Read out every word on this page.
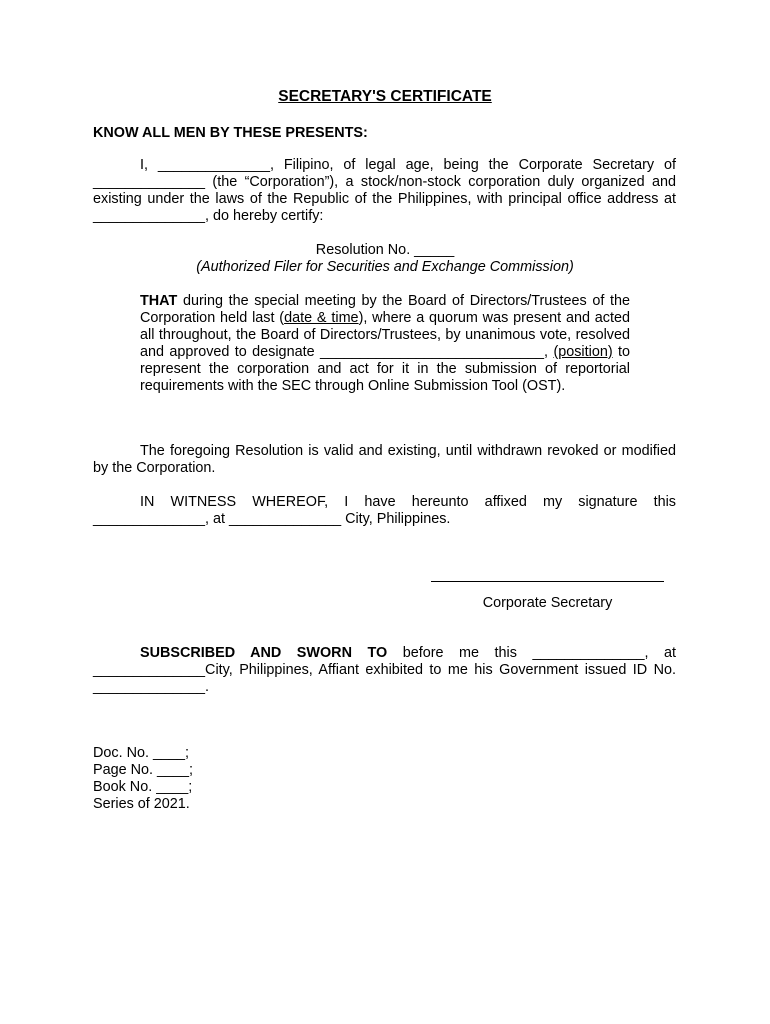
SECRETARY'S CERTIFICATE
KNOW ALL MEN BY THESE PRESENTS:
I, ______________, Filipino, of legal age, being the Corporate Secretary of ______________ (the “Corporation”), a stock/non-stock corporation duly organized and existing under the laws of the Republic of the Philippines, with principal office address at ______________, do hereby certify:
Resolution No. _____
(Authorized Filer for Securities and Exchange Commission)
THAT during the special meeting by the Board of Directors/Trustees of the Corporation held last (date & time), where a quorum was present and acted all throughout, the Board of Directors/Trustees, by unanimous vote, resolved and approved to designate ____________________________, (position) to represent the corporation and act for it in the submission of reportorial requirements with the SEC through Online Submission Tool (OST).
The foregoing Resolution is valid and existing, until withdrawn revoked or modified by the Corporation.
IN WITNESS WHEREOF, I have hereunto affixed my signature this ______________, at ______________ City, Philippines.
Corporate Secretary
SUBSCRIBED AND SWORN TO before me this ______________, at ______________City, Philippines, Affiant exhibited to me his Government issued ID No. ______________.
Doc. No. ____;
Page No. ____;
Book No. ____;
Series of 2021.
